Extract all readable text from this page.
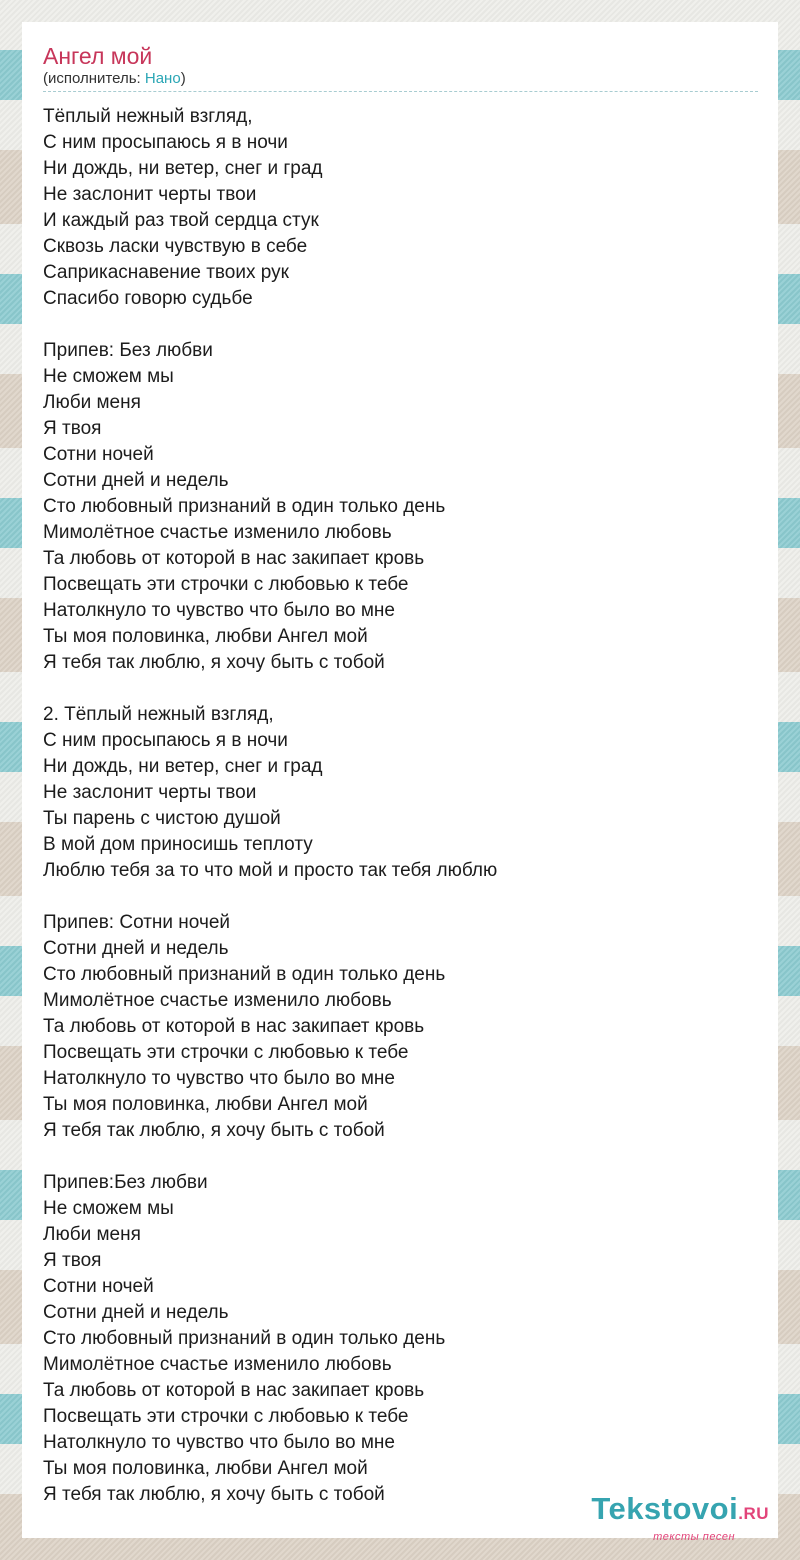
Ангел мой
(исполнитель: Нано)
Тёплый нежный взгляд,
С ним просыпаюсь я в ночи
Ни дождь, ни ветер, снег и град
Не заслонит черты твои
И каждый раз твой сердца стук
Сквозь ласки чувствую в себе
Саприкаснавение твоих рук
Спасибо говорю судьбе
Припев: Без любви
Не сможем мы
Люби меня
Я твоя
Сотни ночей
Сотни дней и недель
Сто любовный признаний в один только день
Мимолётное счастье изменило любовь
Та любовь от которой в нас закипает кровь
Посвещать эти строчки с любовью к тебе
Натолкнуло то чувство что было во мне
Ты моя половинка, любви Ангел мой
Я тебя так люблю, я хочу быть с тобой
2. Тёплый нежный взгляд,
С ним просыпаюсь я в ночи
Ни дождь, ни ветер, снег и град
Не заслонит черты твои
Ты парень с чистою душой
В мой дом приносишь теплоту
Люблю тебя за то что мой и просто так тебя люблю
Припев: Сотни ночей
Сотни дней и недель
Сто любовный признаний в один только день
Мимолётное счастье изменило любовь
Та любовь от которой в нас закипает кровь
Посвещать эти строчки с любовью к тебе
Натолкнуло то чувство что было во мне
Ты моя половинка, любви Ангел мой
Я тебя так люблю, я хочу быть с тобой
Припев:Без любви
Не сможем мы
Люби меня
Я твоя
Сотни ночей
Сотни дней и недель
Сто любовный признаний в один только день
Мимолётное счастье изменило любовь
Та любовь от которой в нас закипает кровь
Посвещать эти строчки с любовью к тебе
Натолкнуло то чувство что было во мне
Ты моя половинка, любви Ангел мой
Я тебя так люблю, я хочу быть с тобой	Tekstovoi.RU
тексты песен
